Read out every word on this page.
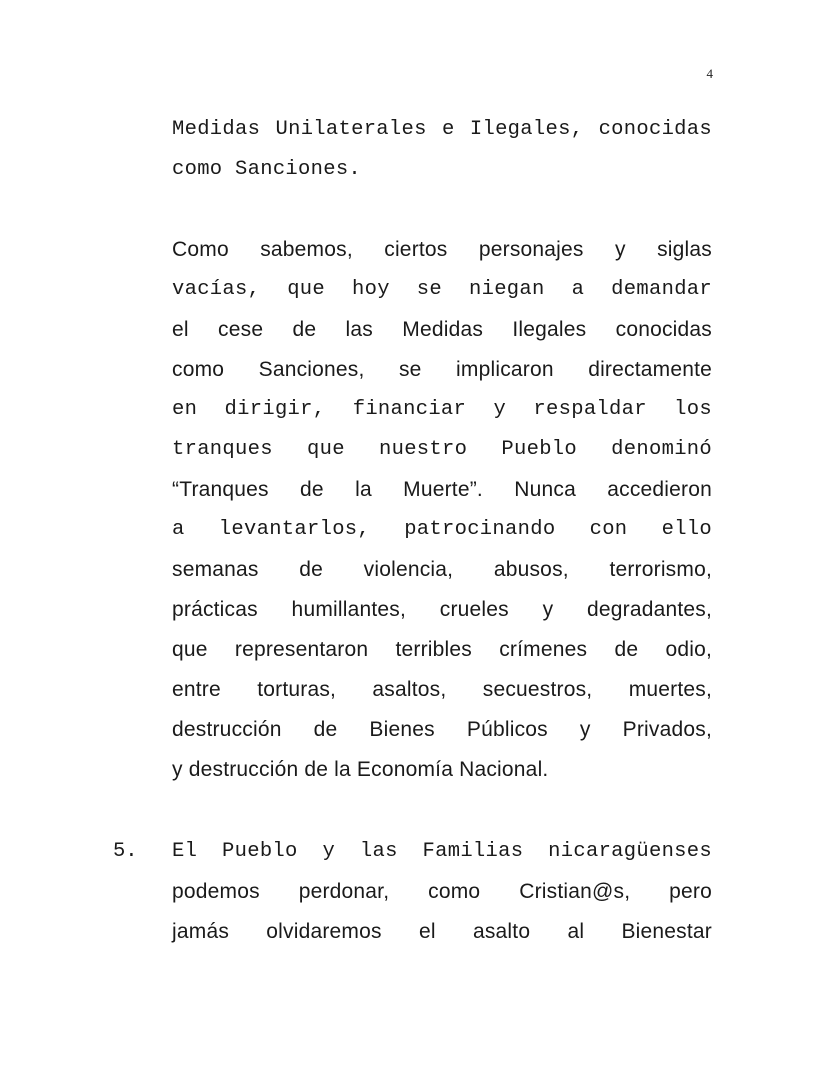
4
Medidas Unilaterales e Ilegales, conocidas
como Sanciones.
Como sabemos, ciertos personajes y siglas
vacías, que hoy se niegan a demandar
el cese de las Medidas Ilegales conocidas
como Sanciones, se implicaron directamente
en dirigir, financiar y respaldar los
tranques que nuestro Pueblo denominó
“Tranques de la Muerte”. Nunca accedieron
a levantarlos, patrocinando con ello
semanas de violencia, abusos, terrorismo,
prácticas humillantes, crueles y degradantes,
que representaron terribles crímenes de odio,
entre torturas, asaltos, secuestros, muertes,
destrucción de Bienes Públicos y Privados,
y destrucción de la Economía Nacional.
5. El Pueblo y las Familias nicaragüenses
podemos perdonar, como Cristian@s, pero
jamás olvidaremos el asalto al Bienestar
